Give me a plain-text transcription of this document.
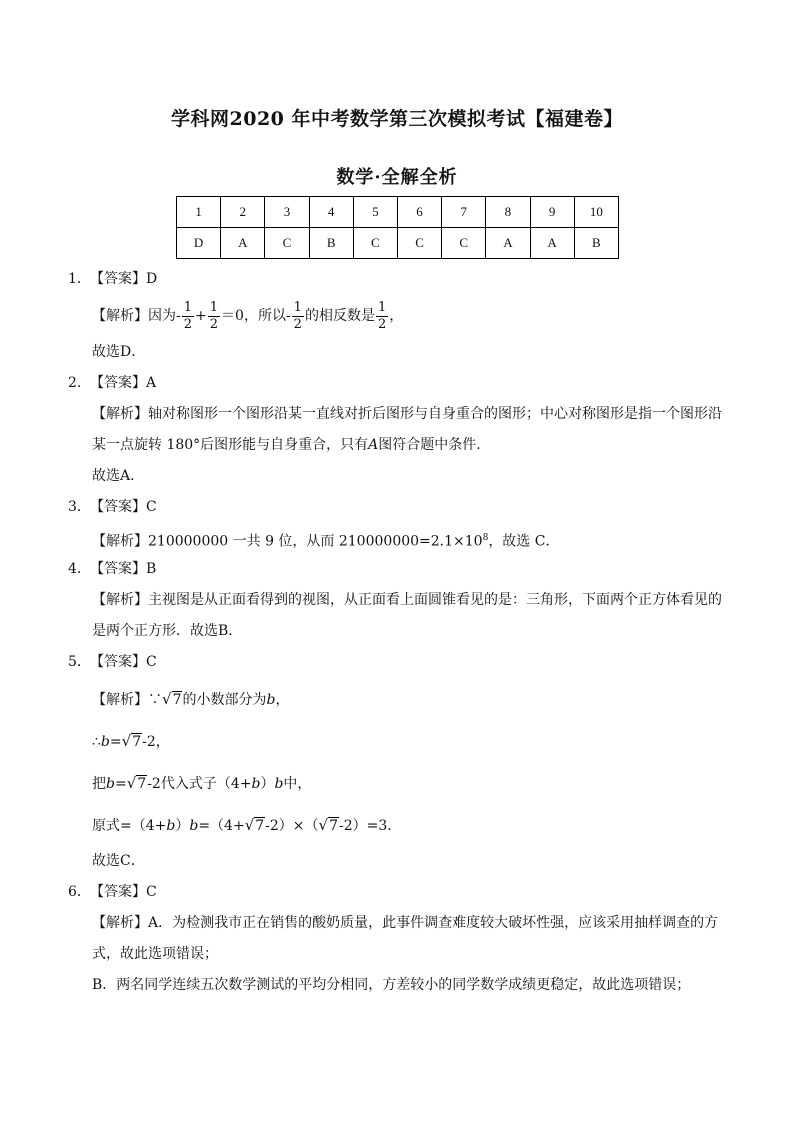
学科网2020 年中考数学第三次模拟考试【福建卷】
数学·全解全析
1	2	3	4	5	6	7	8	9	10
D	A	C	B	C	C	C	A	A	B
1．【答案】D
【解析】因为- $\frac{1}{2} + \frac{1}{2} =0$，所以- $\frac{1}{2}$ 的相反数是 $\frac{1}{2}$ ，
故选D．
2．【答案】A
【解析】轴对称图形一个图形沿某一直线对折后图形与自身重合的图形；中心对称图形是指一个图形沿
某一点旋转 180°后图形能与自身重合，只有A图符合题中条件.
故选A．
3．【答案】C
【解析】210000000 一共 9 位，从而 $210000000=2.1\times 10^8$，故选 C．
4．【答案】B
【解析】主视图是从正面看得到的视图，从正面看上面圆锥看见的是：三角形，下面两个正方体看见的
是两个正方形．故选B．
5．【答案】C
【解析】∵√7的小数部分为b，
∴b=√7-2，
把b=√7-2代入式子（4+b）b中，
原式=（4+b）b=（4+√7-2）×（√7-2）=3．
故选C．
6．【答案】C
【解析】A．为检测我市正在销售的酸奶质量，此事件调查难度较大破坏性强，应该采用抽样调查的方
式，故此选项错误；
B．两名同学连续五次数学测试的平均分相同，方差较小的同学数学成绩更稳定，故此选项错误；
